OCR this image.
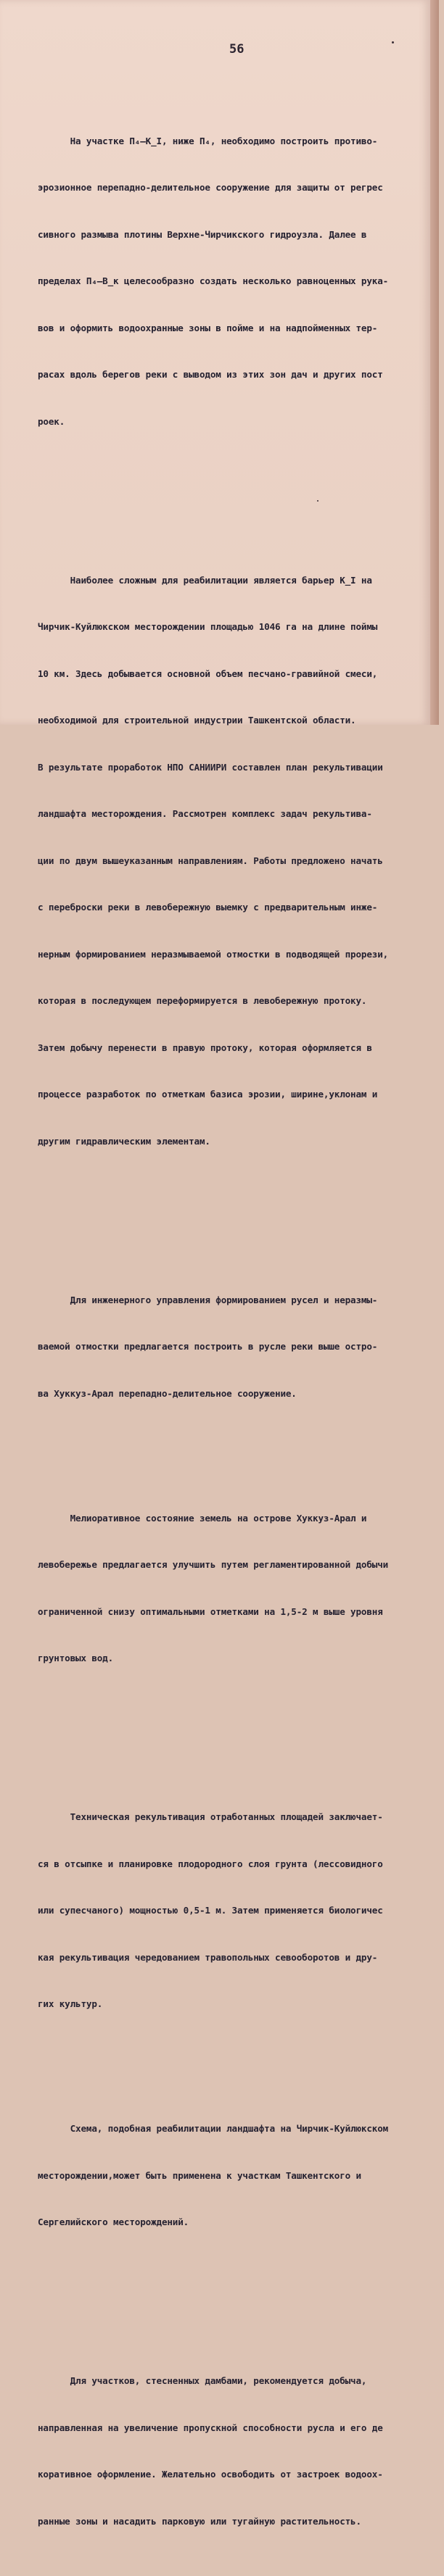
56

На участке П₄–К_I, ниже П₄, необходимо построить противо-

эрозионное перепадно-делительное сооружение для защиты от регрес

сивного размыва плотины Верхне-Чирчикского гидроузла. Далее в

пределах П₄–В_к целесообразно создать несколько равноценных рука-

вов и оформить водоохранные зоны в пойме и на надпойменных тер-

расах вдоль берегов реки с выводом из этих зон дач и других пост

роек.

Наиболее сложным для реабилитации является барьер К_I на

Чирчик-Куйлюкском месторождении площадью 1046 га на длине поймы

10 км. Здесь добывается основной объем песчано-гравийной смеси,

необходимой для строительной индустрии Ташкентской области.

В результате проработок НПО САНИИРИ составлен план рекультивации

ландшафта месторождения. Рассмотрен комплекс задач рекультива-

ции по двум вышеуказанным направлениям. Работы предложено начать

с переброски реки в левобережную выемку с предварительным инже-

нерным формированием неразмываемой отмостки в подводящей прорези,

которая в последующем переформируется в левобережную протоку.

Затем добычу перенести в правую протоку, которая оформляется в

процессе разработок по отметкам базиса эрозии, ширине,уклонам и

другим гидравлическим элементам.

Для инженерного управления формированием русел и неразмы-

ваемой отмостки предлагается построить в русле реки выше остро-

ва Хуккуз-Арал перепадно-делительное сооружение.

Мелиоративное состояние земель на острове Хуккуз-Арал и

левобережье предлагается улучшить путем регламентированной добычи

ограниченной снизу оптимальными отметками на 1,5-2 м выше уровня

грунтовых вод.

Техническая рекультивация отработанных площадей заключает-

ся в отсыпке и планировке плодородного слоя грунта (лессовидного

или супесчаного) мощностью 0,5-1 м. Затем применяется биологичес

кая рекультивация чередованием травопольных севооборотов и дру-

гих культур.

Схема, подобная реабилитации ландшафта на Чирчик-Куйлюкском

месторождении,может быть применена к участкам Ташкентского и

Сергелийского месторождений.

Для участков, стесненных дамбами, рекомендуется добыча,

направленная на увеличение пропускной способности русла и его де

коративное оформление. Желательно освободить от застроек водоох-

ранные зоны и насадить парковую или тугайную растительность.
